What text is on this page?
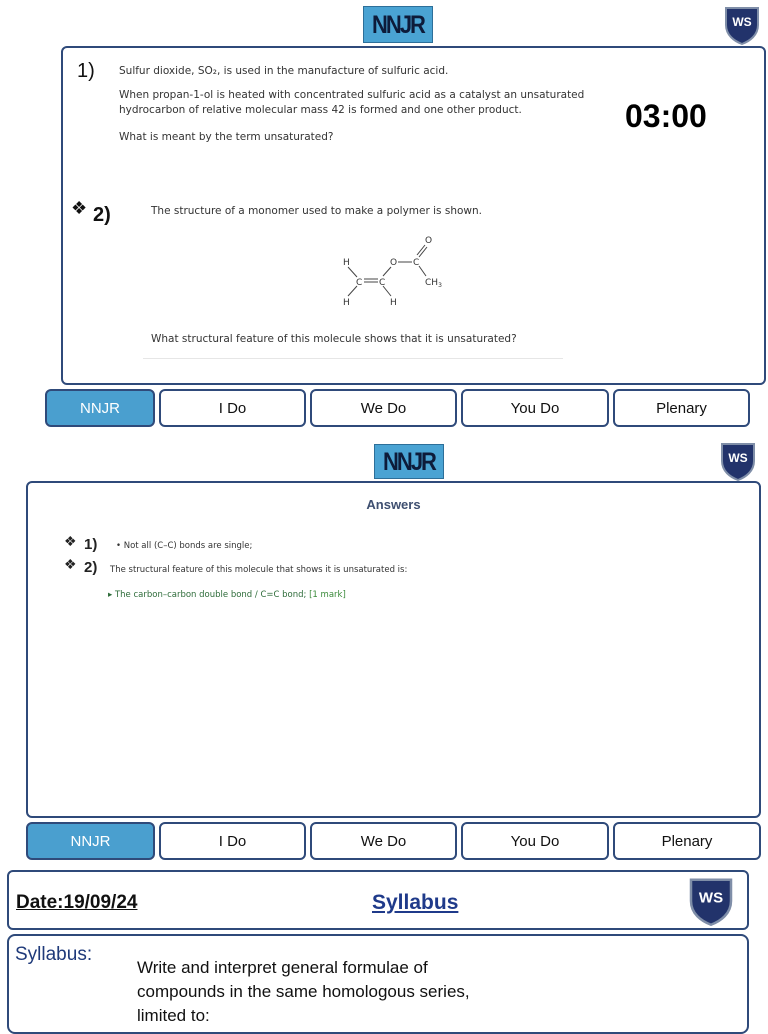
NNJR	WS
1) Sulfur dioxide, SO₂, is used in the manufacture of sulfuric acid.
When propan-1-ol is heated with concentrated sulfuric acid as a catalyst an unsaturated
hydrocarbon of relative molecular mass 42 is formed and one other product.
What is meant by the term unsaturated?
03:00
❖ 2)	The structure of a monomer used to make a polymer is shown.
H
C C
H	H
O C
O
$CH_3$
What structural feature of this molecule shows that it is unsaturated?
NNJR	I Do	We Do	You Do	Plenary
NNJR	WS
Answers
❖ 1) • Not all (C–C) bonds are single;
❖ 2) The structural feature of this molecule that shows it is unsaturated is:
▸ The carbon–carbon double bond / C=C bond; [1 mark]
NNJR	I Do	We Do	You Do	Plenary
Date:19/09/24	Syllabus	WS
Syllabus:
Write and interpret general formulae of
compounds in the same homologous series,
limited to:
